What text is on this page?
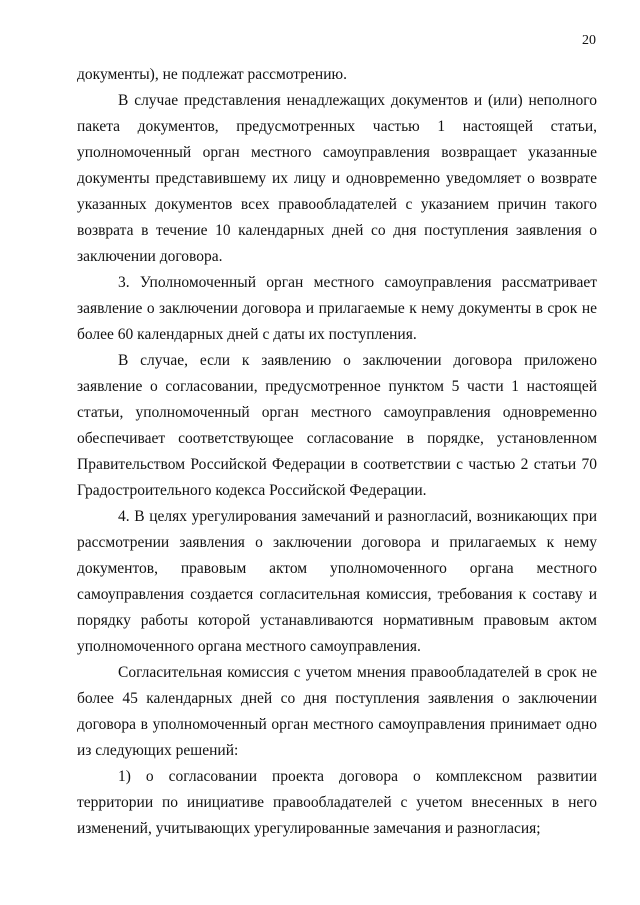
20

документы), не подлежат рассмотрению.

В случае представления ненадлежащих документов и (или) неполного пакета документов, предусмотренных частью 1 настоящей статьи, уполномоченный орган местного самоуправления возвращает указанные документы представившему их лицу и одновременно уведомляет о возврате указанных документов всех правообладателей с указанием причин такого возврата в течение 10 календарных дней со дня поступления заявления о заключении договора.

3. Уполномоченный орган местного самоуправления рассматривает заявление о заключении договора и прилагаемые к нему документы в срок не более 60 календарных дней с даты их поступления.

В случае, если к заявлению о заключении договора приложено заявление о согласовании, предусмотренное пунктом 5 части 1 настоящей статьи, уполномоченный орган местного самоуправления одновременно обеспечивает соответствующее согласование в порядке, установленном Правительством Российской Федерации в соответствии с частью 2 статьи 70 Градостроительного кодекса Российской Федерации.

4. В целях урегулирования замечаний и разногласий, возникающих при рассмотрении заявления о заключении договора и прилагаемых к нему документов, правовым актом уполномоченного органа местного самоуправления создается согласительная комиссия, требования к составу и порядку работы которой устанавливаются нормативным правовым актом уполномоченного органа местного самоуправления.

Согласительная комиссия с учетом мнения правообладателей в срок не более 45 календарных дней со дня поступления заявления о заключении договора в уполномоченный орган местного самоуправления принимает одно из следующих решений:

1) о согласовании проекта договора о комплексном развитии территории по инициативе правообладателей с учетом внесенных в него изменений, учитывающих урегулированные замечания и разногласия;
